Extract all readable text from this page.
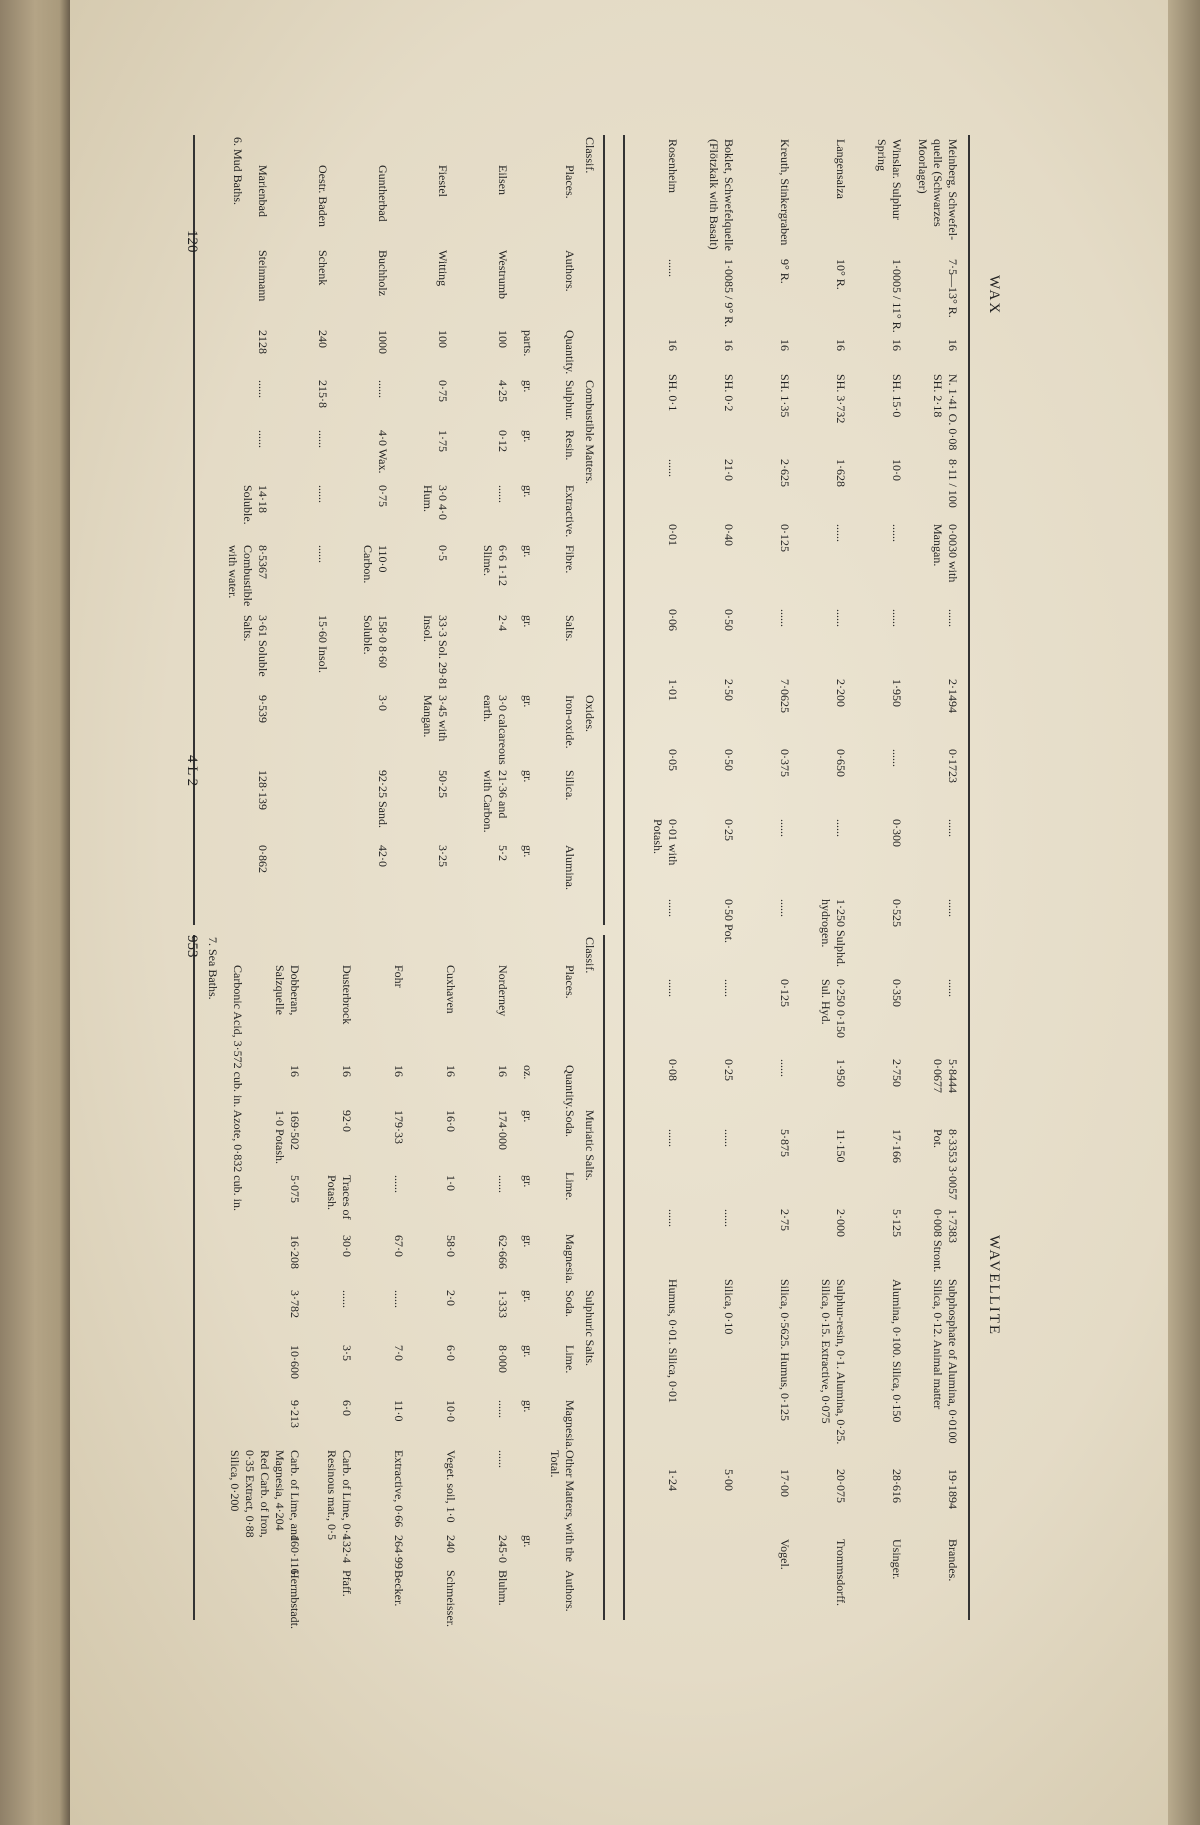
WAX
WAVELLITE
Meinberg, Schwefel-quelle (Schwarzes Moorlager)
7·5—13° R.
16
N. 1·41 O. 0·08 SH. 2·18
8·11 / 100
0·0030 with Mangan.
......
2·1494
0·1723
......
......
......
5·8444 0·0677
8·3353 3·0057 Pot.
1·7383 0·008 Stront.
Subphosphate of Alumina, 0·0100 Silica, 0·12. Animal matter
19·1894
Brandes.
Winslar. Sulphur Spring
1·0005 / 11° R.
16
SH. 15·0
10·0
......
......
1·950
......
0·300
0·525
0·350
2·750
17·166
5·125
Alumina, 0·100. Silica, 0·150
28·616
Usinger.
Langensalza
10° R.
16
SH. 3·732
1·628
......
......
2·200
0·650
......
1·250 Sulphd. hydrogen.
0·250 0·150 Sul. Hyd.
1·950
11·150
2·000
Sulphur-resin, 0·1. Alumina, 0·25. Silica, 0·15. Extractive, 0·075
20·075
Trommsdorff.
Kreuth, Stinkergraben
9° R.
16
SH. 1·35
2·625
0·125
......
7·0625
0·375
......
......
0·125
......
5·875
2·75
Silica, 0·5625. Humus, 0·125
17·00
Vogel.
Boklet, Schwefelquelle (Flötzkalk with Basalt)
1·0085 / 9° R.
16
SH. 0·2
21·0
0·40
0·50
2·50
0·50
0·25
0·50 Pot.
......
0·25
......
......
Silica, 0·10
5·00
Rosenheim
......
16
SH. 0·1
......
0·01
0·06
1·01
0·05
0·01 with Potash.
......
......
0·08
......
......
Humus, 0·01. Silica, 0·01
1·24
Classif.
Combustible Matters.
Oxides.
Places.
Authors.
Quantity.
Sulphur.
Resin.
Extractive.
Fibre.
Salts.
Iron-oxide.
Silica.
Alumina.
parts.
gr.
gr.
gr.
gr.
gr.
gr.
gr.
gr.
Eilsen
Westrumb
100
4·25
0·12
......
6·6 1·12 Slime.
2·4
3·0 calcareous earth.
21·36 and with Carbon.
5·2
Fiestel
Witting
100
0·75
1·75
3·0 4·0 Hum.
0·5
33·3 Sol. 29·81 Insol.
3·45 with Mangan.
50·25
3·25
Guntherbad
Buchholz
1000
......
4·0 Wax.
0·75
110·0 Carbon.
158·0 8·60 Soluble.
3·0
92·25 Sand.
42·0
Oestr. Baden
Schenk
240
215·8
......
......
......
15·60 Insol.
Marienbad
Steinmann
2128
......
......
14·18 Soluble.
8·5367 Combustible with water.
3·61 Soluble Salts.
9·539
128·139
0·862
6. Mud Baths.
Classif.
Places.
Quantity.
Muriatic Salts.
Sulphuric Salts.
Soda.
Soda.
Lime.
Lime.
Magnesia.
Magnesia.
Other Matters, with the Total.
Authors.
oz.
gr.
gr.
gr.
gr.
gr.
gr.
gr.
Norderney
16
174·000
......
62·666
1·333
8·000
......
......
245·0
Bluhm.
Cuxhaven
16
16·0
1·0
58·0
2·0
6·0
10·0
Veget. soil, 1·0
240
Schmeisser.
Fohr
16
179·33
......
67·0
......
7·0
11·0
Extractive, 0·66
264·99
Becker.
Dusterbrock
16
92·0
Traces of Potash.
30·0
......
3·5
6·0
Carb. of Lime, 0·4 Resinous mat., 0·5
132·4
Pfaff.
Dobberan, Salzquelle
16
169·502 1·0 Potash.
5·075
16·208
3·782
10·600
9·213
Carb. of Lime, and Magnesia, 4·204 Red Carb. of Iron, 0·35 Extract, 0·88 Silica, 0·200
160·116
Hermbstadt.
Carbonic Acid, 3·572 cub. in. Azote, 0·832 cub. in.
7. Sea Baths.
120
4 L 2
953
